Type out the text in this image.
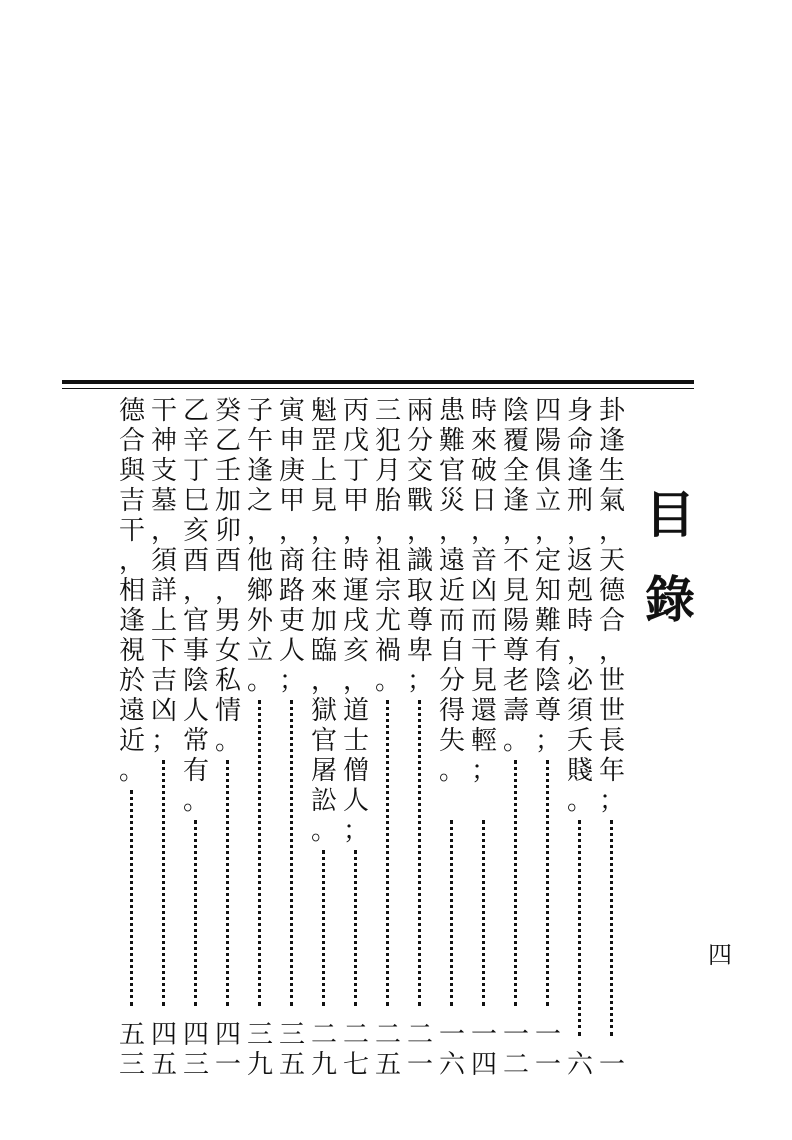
目
錄
卦逢生氣，天德合，世世長年；
一
身命逢刑，返剋時，必須夭賤。
六
四陽俱立，定知難有陰尊；
一一
陰覆全逢，不見陽尊老壽。
一二
時來破日，音凶而干見還輕；
一四
患難官災，遠近而自分得失。
一六
兩分交戰，識取尊卑；
二一
三犯月胎，祖宗尤禍。
二五
丙戊丁甲，時運戌亥，道士僧人；
二七
魁罡上見，往來加臨，獄官屠訟。
二九
寅申庚甲，商路吏人；
三五
子午逢之，他鄉外立。
三九
癸乙壬加卯酉，男女私情。
四一
乙辛丁巳亥酉，官事陰人常有。
四三
干神支墓，須詳上下吉凶；
四五
德合與吉干，相逢視於遠近。
五三
四
